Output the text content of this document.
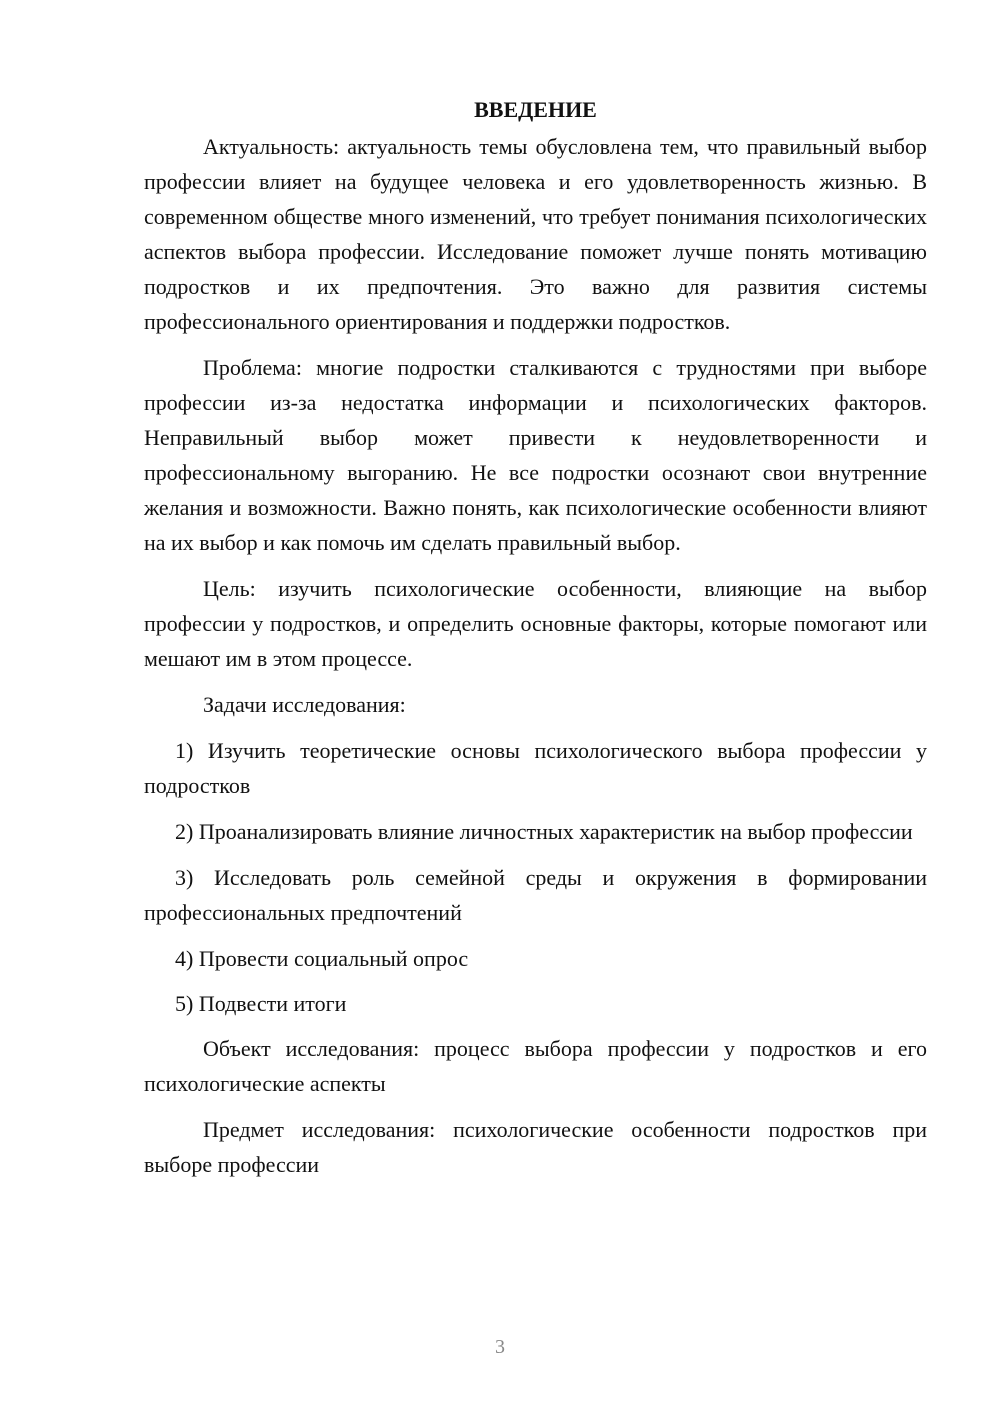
ВВЕДЕНИЕ

Актуальность: актуальность темы обусловлена тем, что правильный выбор профессии влияет на будущее человека и его удовлетворенность жизнью. В современном обществе много изменений, что требует понимания психологических аспектов выбора профессии. Исследование поможет лучше понять мотивацию подростков и их предпочтения. Это важно для развития системы профессионального ориентирования и поддержки подростков.

Проблема: многие подростки сталкиваются с трудностями при выборе профессии из-за недостатка информации и психологических факторов. Неправильный выбор может привести к неудовлетворенности и профессиональному выгоранию. Не все подростки осознают свои внутренние желания и возможности. Важно понять, как психологические особенности влияют на их выбор и как помочь им сделать правильный выбор.

Цель: изучить психологические особенности, влияющие на выбор профессии у подростков, и определить основные факторы, которые помогают или мешают им в этом процессе.

Задачи исследования:

1) Изучить теоретические основы психологического выбора профессии у подростков

2) Проанализировать влияние личностных характеристик на выбор профессии

3) Исследовать роль семейной среды и окружения в формировании профессиональных предпочтений

4) Провести социальный опрос

5) Подвести итоги

Объект исследования: процесс выбора профессии у подростков и его психологические аспекты

Предмет исследования: психологические особенности подростков при выборе профессии

3
